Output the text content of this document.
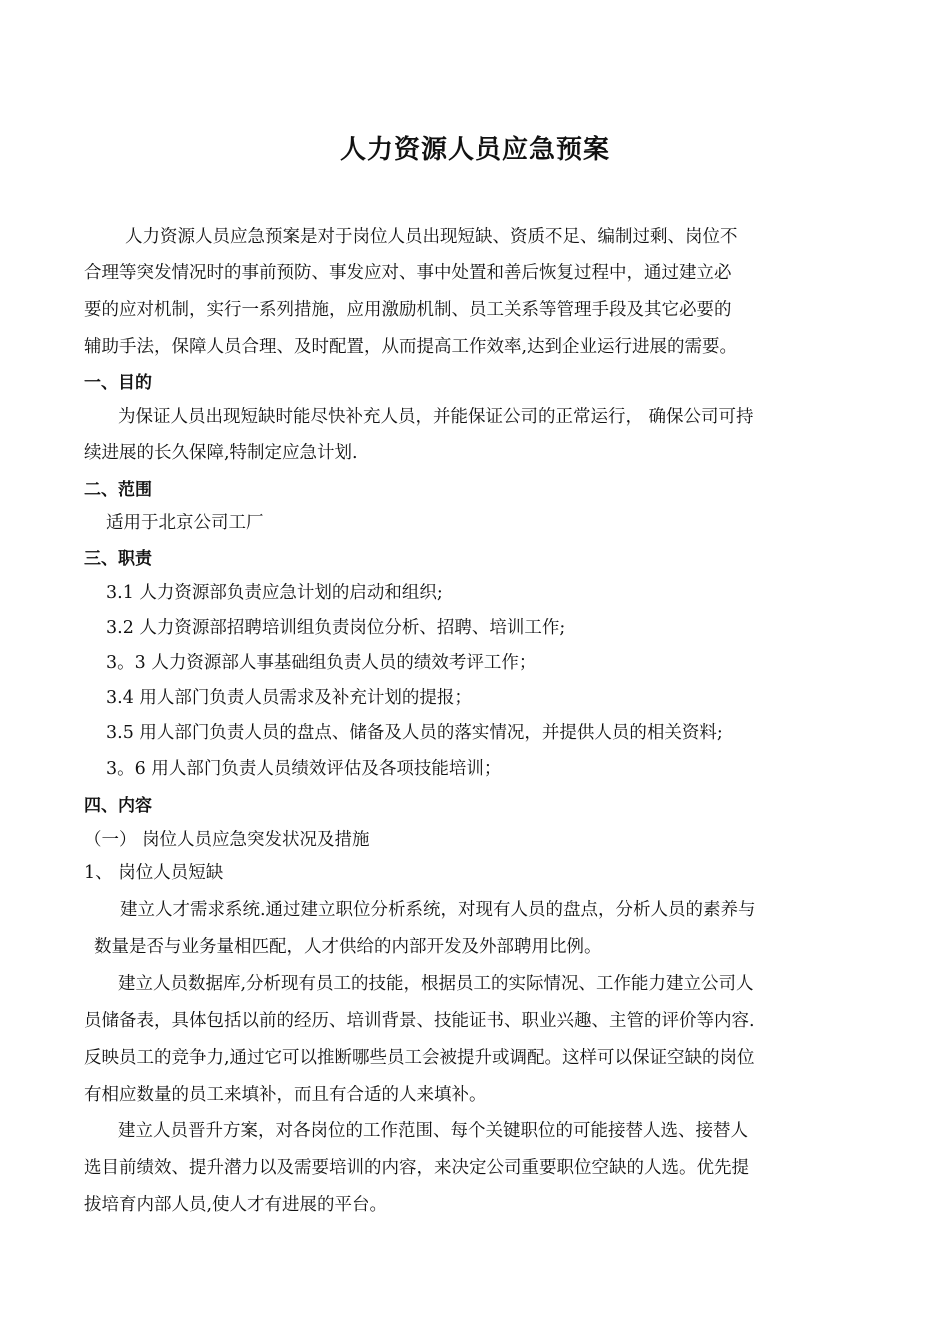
人力资源人员应急预案
人力资源人员应急预案是对于岗位人员出现短缺、资质不足、编制过剩、岗位不
合理等突发情况时的事前预防、事发应对、事中处置和善后恢复过程中，通过建立必
要的应对机制，实行一系列措施，应用激励机制、员工关系等管理手段及其它必要的
辅助手法，保障人员合理、及时配置，从而提高工作效率,达到企业运行进展的需要。
一、目的
为保证人员出现短缺时能尽快补充人员，并能保证公司的正常运行， 确保公司可持
续进展的长久保障,特制定应急计划.
二、范围
适用于北京公司工厂
三、职责
3.1 人力资源部负责应急计划的启动和组织;
3.2 人力资源部招聘培训组负责岗位分析、招聘、培训工作;
3。3 人力资源部人事基础组负责人员的绩效考评工作；
3.4 用人部门负责人员需求及补充计划的提报；
3.5 用人部门负责人员的盘点、储备及人员的落实情况，并提供人员的相关资料;
3。6 用人部门负责人员绩效评估及各项技能培训；
四、内容
（一） 岗位人员应急突发状况及措施
1、 岗位人员短缺
建立人才需求系统.通过建立职位分析系统，对现有人员的盘点，分析人员的素养与
数量是否与业务量相匹配，人才供给的内部开发及外部聘用比例。
建立人员数据库,分析现有员工的技能，根据员工的实际情况、工作能力建立公司人
员储备表，具体包括以前的经历、培训背景、技能证书、职业兴趣、主管的评价等内容.
反映员工的竞争力,通过它可以推断哪些员工会被提升或调配。这样可以保证空缺的岗位
有相应数量的员工来填补，而且有合适的人来填补。
建立人员晋升方案，对各岗位的工作范围、每个关键职位的可能接替人选、接替人
选目前绩效、提升潜力以及需要培训的内容，来决定公司重要职位空缺的人选。优先提
拔培育内部人员,使人才有进展的平台。
